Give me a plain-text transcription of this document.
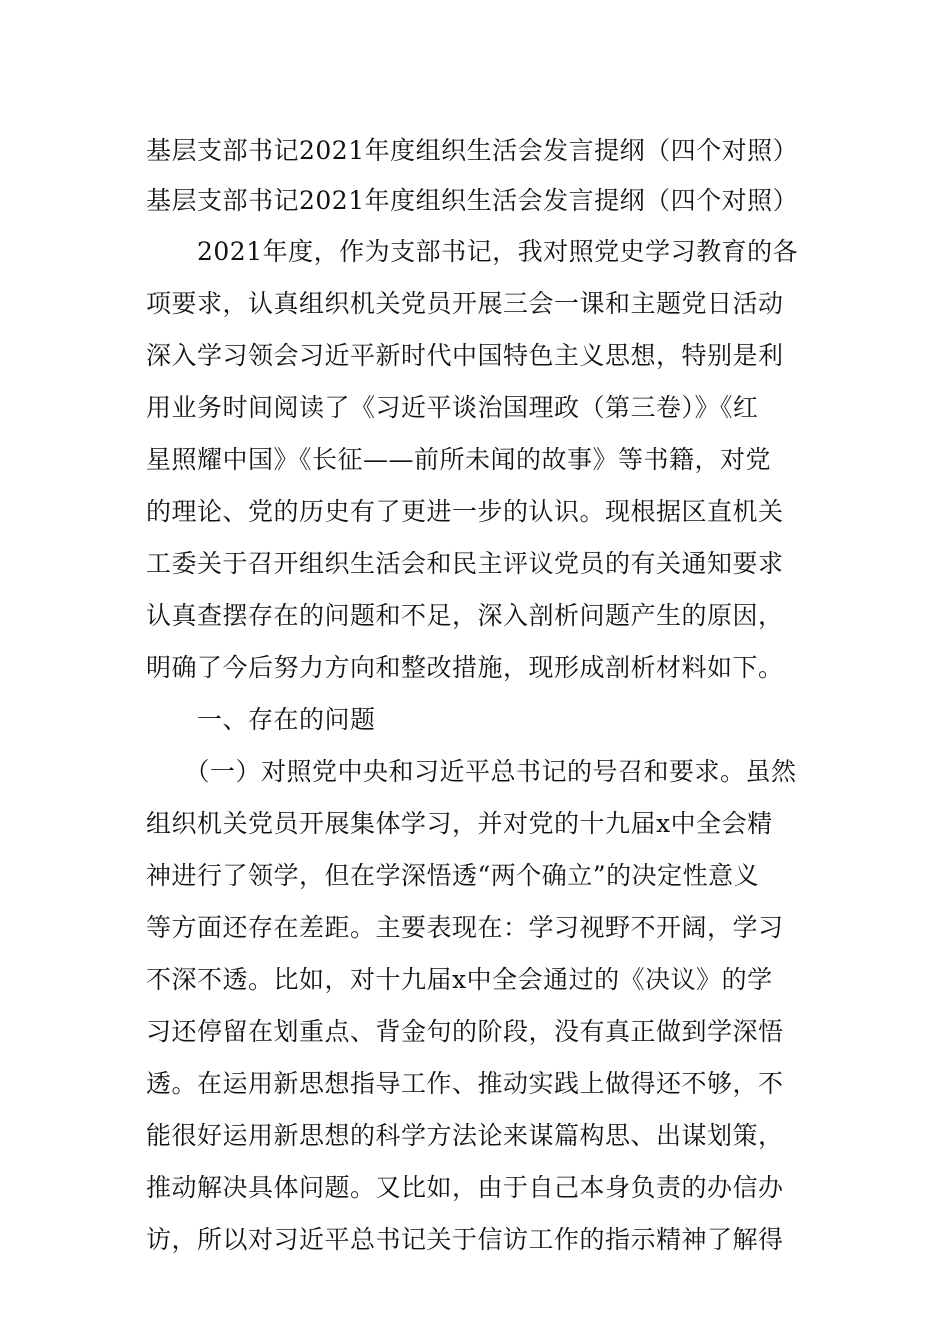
基层支部书记2021年度组织生活会发言提纲（四个对照）
基层支部书记2021年度组织生活会发言提纲（四个对照）
　　2021年度，作为支部书记，我对照党史学习教育的各
项要求，认真组织机关党员开展三会一课和主题党日活动
深入学习领会习近平新时代中国特色主义思想，特别是利
用业务时间阅读了《习近平谈治国理政（第三卷）》《红
星照耀中国》《长征——前所未闻的故事》等书籍，对党
的理论、党的历史有了更进一步的认识。现根据区直机关
工委关于召开组织生活会和民主评议党员的有关通知要求
认真查摆存在的问题和不足，深入剖析问题产生的原因，
明确了今后努力方向和整改措施，现形成剖析材料如下。
　　一、存在的问题
　　（一）对照党中央和习近平总书记的号召和要求。虽然
组织机关党员开展集体学习，并对党的十九届x中全会精
神进行了领学，但在学深悟透“两个确立”的决定性意义
等方面还存在差距。主要表现在：学习视野不开阔，学习
不深不透。比如，对十九届x中全会通过的《决议》的学
习还停留在划重点、背金句的阶段，没有真正做到学深悟
透。在运用新思想指导工作、推动实践上做得还不够，不
能很好运用新思想的科学方法论来谋篇构思、出谋划策，
推动解决具体问题。又比如，由于自己本身负责的办信办
访，所以对习近平总书记关于信访工作的指示精神了解得
